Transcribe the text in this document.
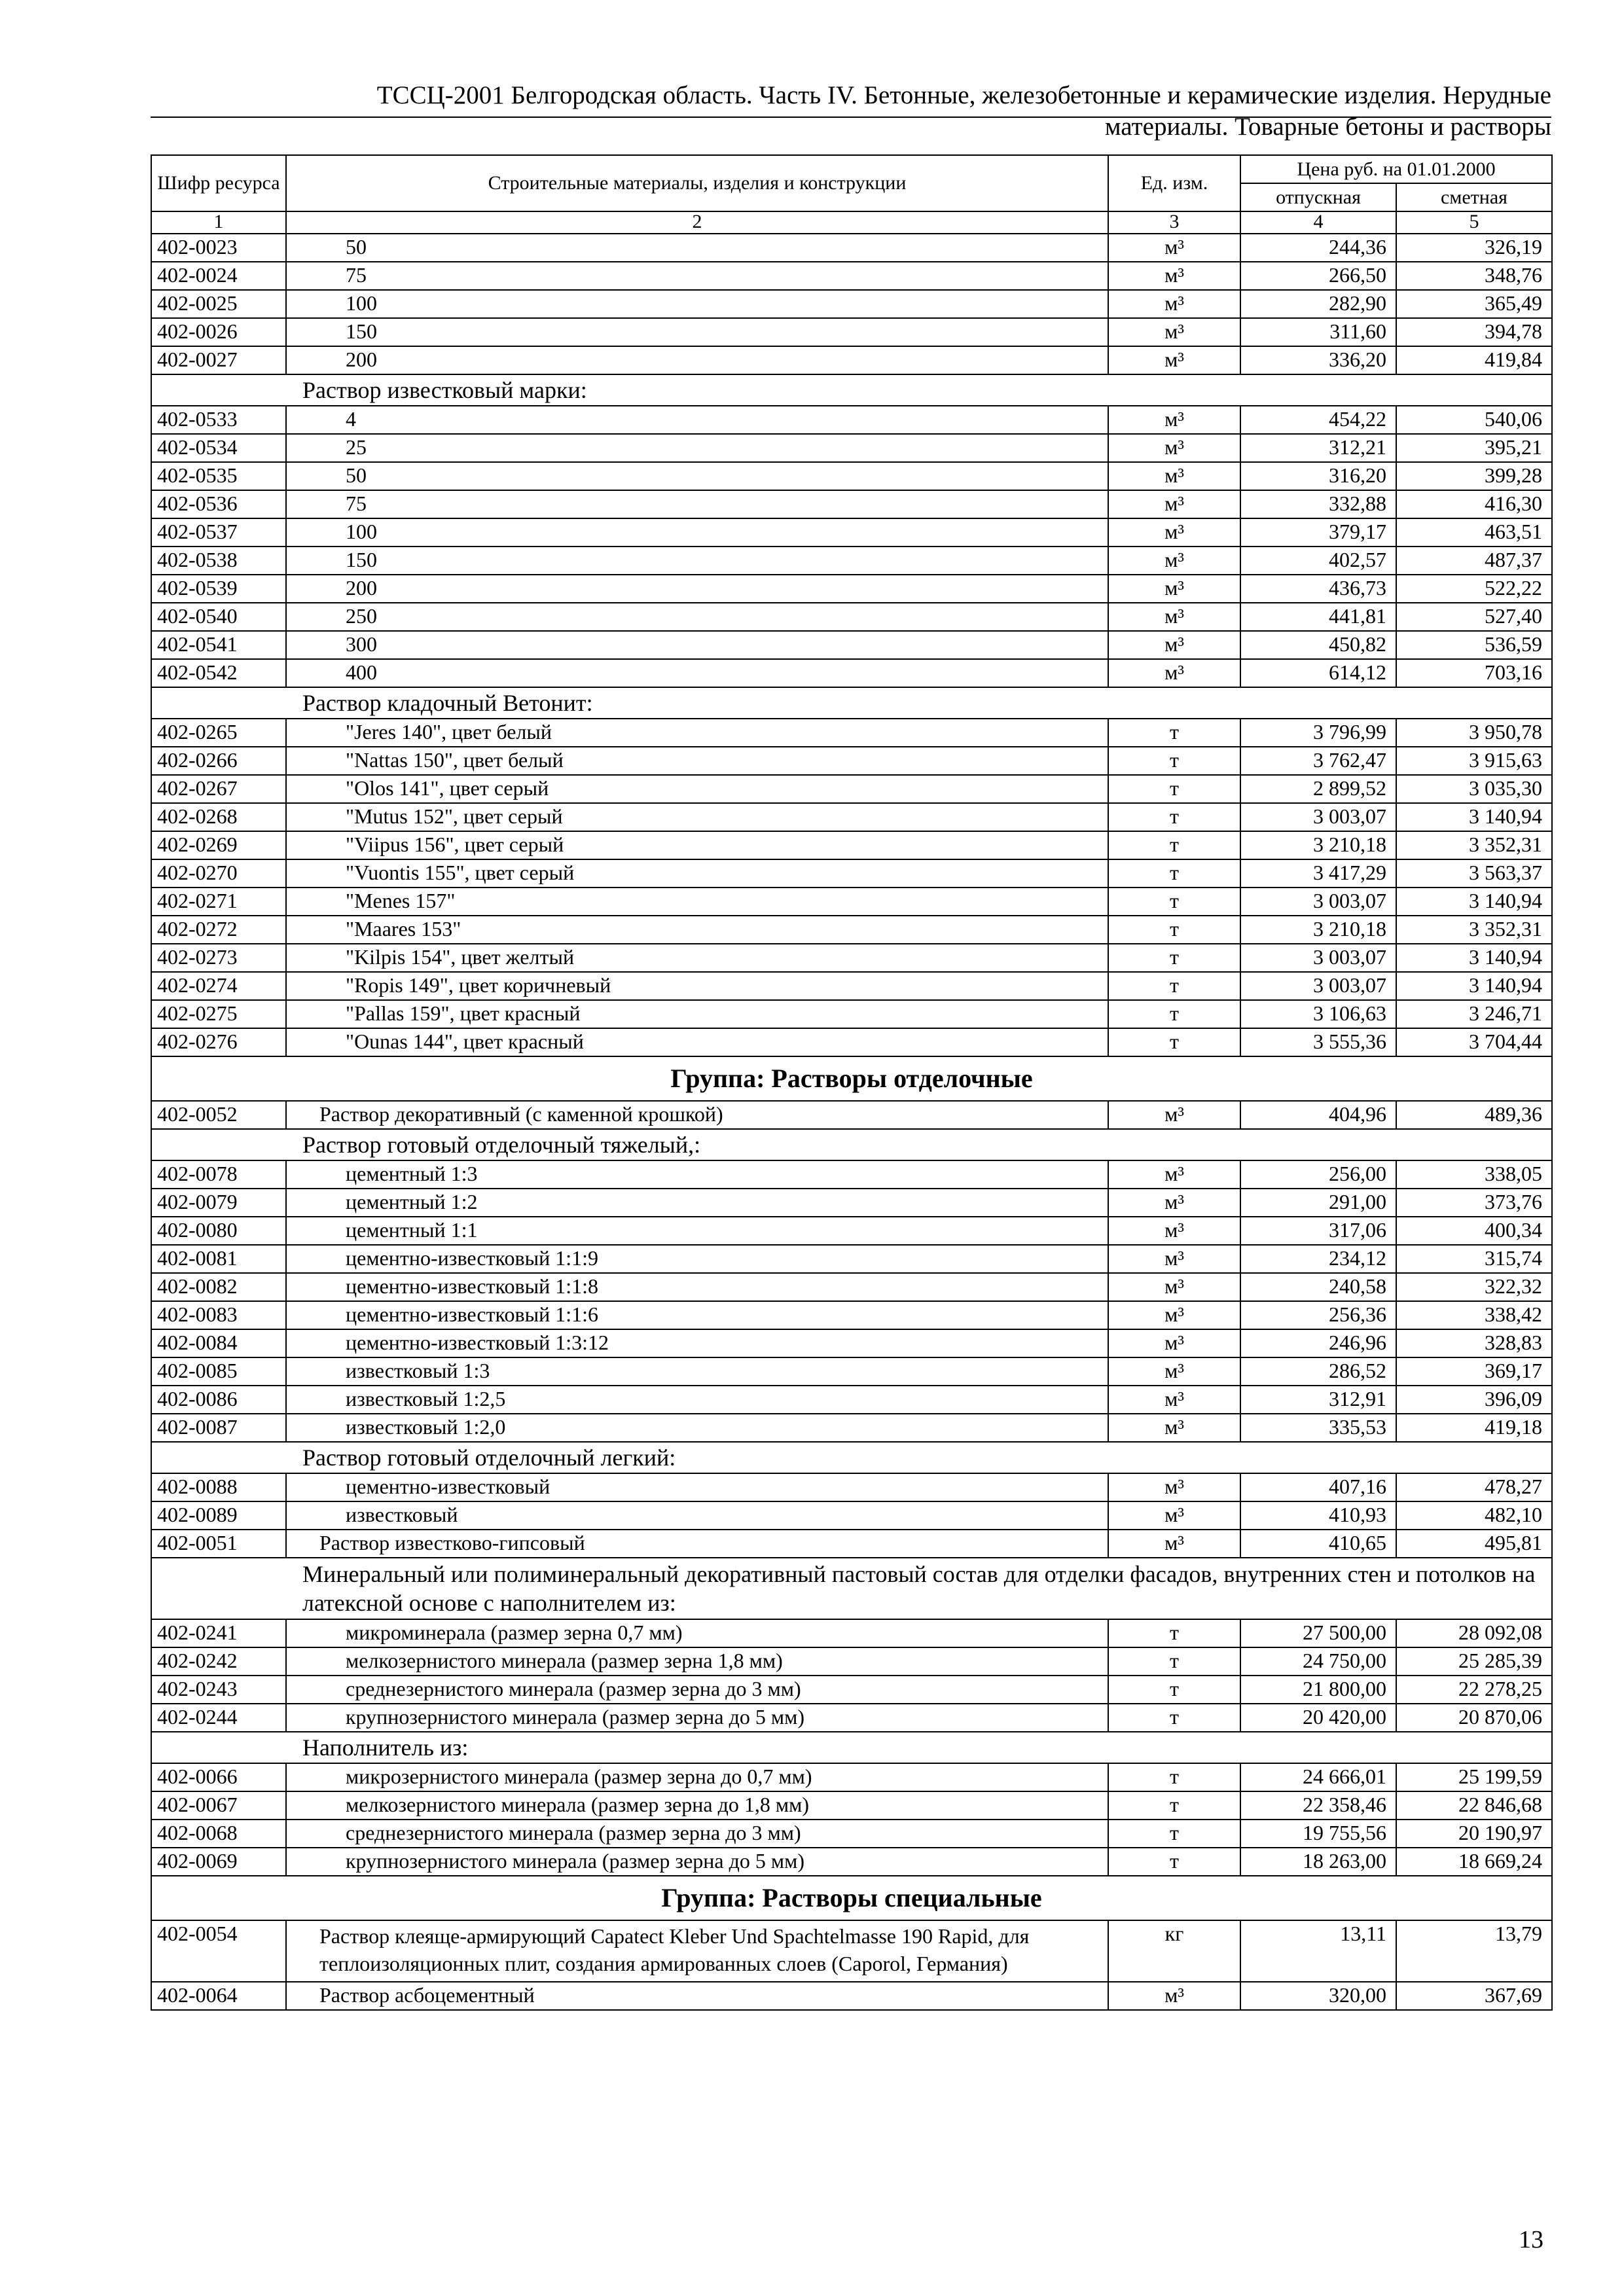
ТССЦ-2001 Белгородская область. Часть IV. Бетонные, железобетонные и керамические изделия. Нерудные
материалы. Товарные бетоны и растворы
Шифр ресурса	Строительные материалы, изделия и конструкции	Ед. изм.	Цена руб. на 01.01.2000	
			отпускная	сметная
1	2	3	4	5
402-0023	50	м³	244,36	326,19
402-0024	75	м³	266,50	348,76
402-0025	100	м³	282,90	365,49
402-0026	150	м³	311,60	394,78
402-0027	200	м³	336,20	419,84
Раствор известковый марки:				
402-0533	4	м³	454,22	540,06
402-0534	25	м³	312,21	395,21
402-0535	50	м³	316,20	399,28
402-0536	75	м³	332,88	416,30
402-0537	100	м³	379,17	463,51
402-0538	150	м³	402,57	487,37
402-0539	200	м³	436,73	522,22
402-0540	250	м³	441,81	527,40
402-0541	300	м³	450,82	536,59
402-0542	400	м³	614,12	703,16
Раствор кладочный Ветонит:				
402-0265	"Jeres 140", цвет белый	т	3 796,99	3 950,78
402-0266	"Nattas 150", цвет белый	т	3 762,47	3 915,63
402-0267	"Olos 141", цвет серый	т	2 899,52	3 035,30
402-0268	"Mutus 152", цвет серый	т	3 003,07	3 140,94
402-0269	"Viipus 156", цвет серый	т	3 210,18	3 352,31
402-0270	"Vuontis 155", цвет серый	т	3 417,29	3 563,37
402-0271	"Menes 157"	т	3 003,07	3 140,94
402-0272	"Maares 153"	т	3 210,18	3 352,31
402-0273	"Kilpis 154", цвет желтый	т	3 003,07	3 140,94
402-0274	"Ropis 149", цвет коричневый	т	3 003,07	3 140,94
402-0275	"Pallas 159", цвет красный	т	3 106,63	3 246,71
402-0276	"Ounas 144", цвет красный	т	3 555,36	3 704,44
Группа: Растворы отделочные				
402-0052	Раствор декоративный (с каменной крошкой)	м³	404,96	489,36
Раствор готовый отделочный тяжелый,:				
402-0078	цементный 1:3	м³	256,00	338,05
402-0079	цементный 1:2	м³	291,00	373,76
402-0080	цементный 1:1	м³	317,06	400,34
402-0081	цементно-известковый 1:1:9	м³	234,12	315,74
402-0082	цементно-известковый 1:1:8	м³	240,58	322,32
402-0083	цементно-известковый 1:1:6	м³	256,36	338,42
402-0084	цементно-известковый 1:3:12	м³	246,96	328,83
402-0085	известковый 1:3	м³	286,52	369,17
402-0086	известковый 1:2,5	м³	312,91	396,09
402-0087	известковый 1:2,0	м³	335,53	419,18
Раствор готовый отделочный легкий:				
402-0088	цементно-известковый	м³	407,16	478,27
402-0089	известковый	м³	410,93	482,10
402-0051	Раствор известково-гипсовый	м³	410,65	495,81
Минеральный или полиминеральный декоративный пастовый состав для отделки фасадов, внутренних стен и потолков на латексной основе с наполнителем из:				
402-0241	микроминерала (размер зерна 0,7 мм)	т	27 500,00	28 092,08
402-0242	мелкозернистого минерала (размер зерна 1,8 мм)	т	24 750,00	25 285,39
402-0243	среднезернистого минерала (размер зерна до 3 мм)	т	21 800,00	22 278,25
402-0244	крупнозернистого минерала (размер зерна до 5 мм)	т	20 420,00	20 870,06
Наполнитель из:				
402-0066	микрозернистого минерала (размер зерна до 0,7 мм)	т	24 666,01	25 199,59
402-0067	мелкозернистого минерала (размер зерна до 1,8 мм)	т	22 358,46	22 846,68
402-0068	среднезернистого минерала (размер зерна до 3 мм)	т	19 755,56	20 190,97
402-0069	крупнозернистого минерала (размер зерна до 5 мм)	т	18 263,00	18 669,24
Группа: Растворы специальные				
402-0054	Раствор клеяще-армирующий Capatect Kleber Und Spachtelmasse 190 Rapid, для теплоизоляционных плит, создания армированных слоев (Caporol, Германия)	кг	13,11	13,79
402-0064	Раствор асбоцементный	м³	320,00	367,69
13
